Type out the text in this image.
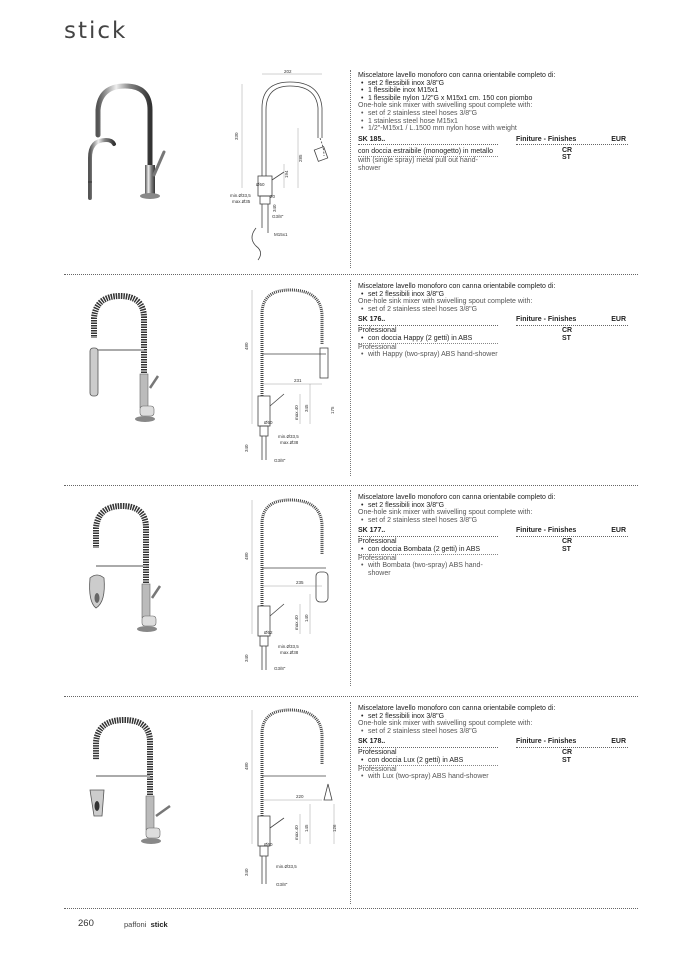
stick
202
330
285
194
Ø50
20
340
G3/8"
M15x1
min.Ø33,5
max.Ø35

Miscelatore lavello monoforo con canna orientabile completo di:

• set 2 flessibili inox 3/8"G
• 1 flessibile inox M15x1
• 1 flessibile nylon 1/2"G x M15x1 cm. 150 con piombo

One-hole sink mixer with swivelling spout complete with:

• set of 2 stainless steel hoses 3/8"G
• 1 stainless steel hose M15x1
• 1/2"-M15x1 / L.1500 mm nylon hose with weight
SK 185..	Finiture - Finishes	EUR
CR
ST
con doccia estraibile (monogetto) in metallo
with (single spray) metal pull out hand-shower
480
231
345
max.40	175
Ø50
min.Ø33,5
max.Ø38
340
G3/8"

Miscelatore lavello monoforo con canna orientabile completo di:

• set 2 flessibili inox 3/8"G

One-hole sink mixer with swivelling spout complete with:

• set of 2 stainless steel hoses 3/8"G
SK 176..	Finiture - Finishes	EUR
CR
ST
Professional
• con doccia Happy (2 getti) in ABS
Professional
• with Happy (two-spray) ABS hand-shower
480
235
140
max.40
Ø52
min.Ø33,5
max.Ø38
340
G3/8"

Miscelatore lavello monoforo con canna orientabile completo di:

• set 2 flessibili inox 3/8"G

One-hole sink mixer with swivelling spout complete with:

• set of 2 stainless steel hoses 3/8"G
SK 177..	Finiture - Finishes	EUR
CR
ST
Professional
• con doccia Bombata (2 getti) in ABS
Professional
• with Bombata (two-spray) ABS hand-shower
480
220
145
max.40	126
Ø50
min.Ø33,5
340
G3/8"

Miscelatore lavello monoforo con canna orientabile completo di:

• set 2 flessibili inox 3/8"G

One-hole sink mixer with swivelling spout complete with:

• set of 2 stainless steel hoses 3/8"G
SK 178..	Finiture - Finishes	EUR
CR
ST
Professional
• con doccia Lux (2 getti) in ABS
Professional
• with Lux (two-spray) ABS hand-shower
260	paffoni stick
